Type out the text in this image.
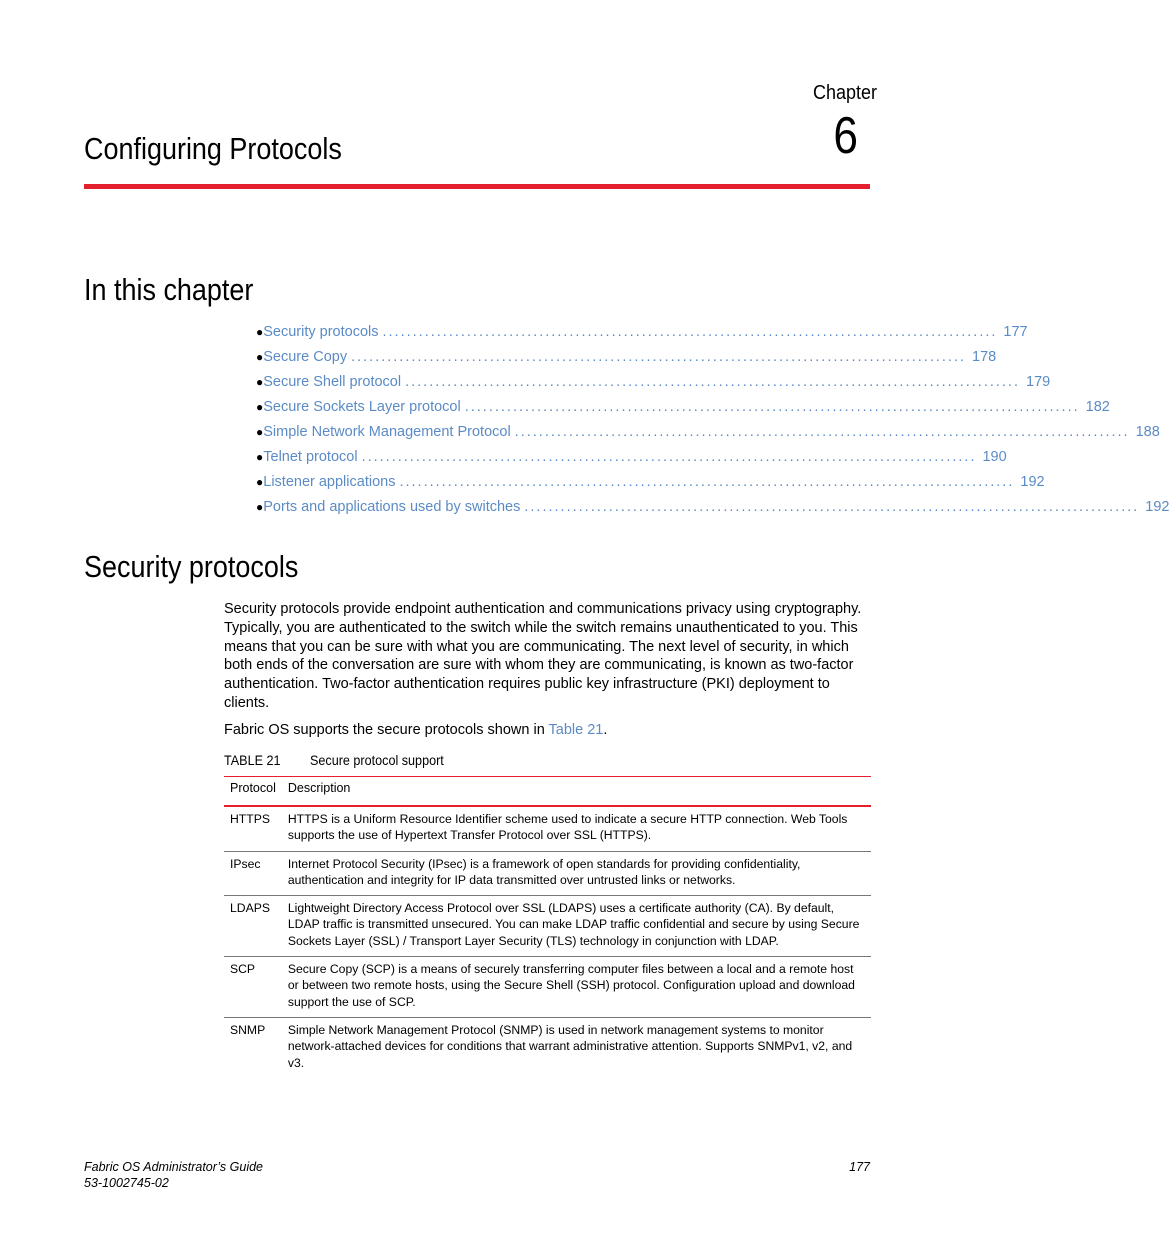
Chapter
6
Configuring Protocols
In this chapter
● Security protocols ...................................................................................................... 177
● Secure Copy ...................................................................................................... 178
● Secure Shell protocol ...................................................................................................... 179
● Secure Sockets Layer protocol ...................................................................................................... 182
● Simple Network Management Protocol ...................................................................................................... 188
● Telnet protocol ...................................................................................................... 190
● Listener applications ...................................................................................................... 192
● Ports and applications used by switches ...................................................................................................... 192
Security protocols

Security protocols provide endpoint authentication and communications privacy using cryptography. Typically, you are authenticated to the switch while the switch remains unauthenticated to you. This means that you can be sure with what you are communicating. The next level of security, in which both ends of the conversation are sure with whom they are communicating, is known as two-factor authentication. Two-factor authentication requires public key infrastructure (PKI) deployment to clients.

Fabric OS supports the secure protocols shown in Table 21.

TABLE 21 Secure protocol support
Protocol	Description
HTTPS	HTTPS is a Uniform Resource Identifier scheme used to indicate a secure HTTP connection. Web Tools supports the use of Hypertext Transfer Protocol over SSL (HTTPS).
IPsec	Internet Protocol Security (IPsec) is a framework of open standards for providing confidentiality, authentication and integrity for IP data transmitted over untrusted links or networks.
LDAPS	Lightweight Directory Access Protocol over SSL (LDAPS) uses a certificate authority (CA). By default, LDAP traffic is transmitted unsecured. You can make LDAP traffic confidential and secure by using Secure Sockets Layer (SSL) / Transport Layer Security (TLS) technology in conjunction with LDAP.
SCP	Secure Copy (SCP) is a means of securely transferring computer files between a local and a remote host or between two remote hosts, using the Secure Shell (SSH) protocol. Configuration upload and download support the use of SCP.
SNMP	Simple Network Management Protocol (SNMP) is used in network management systems to monitor network-attached devices for conditions that warrant administrative attention. Supports SNMPv1, v2, and v3.
Fabric OS Administrator’s Guide
53-1002745-02
177
